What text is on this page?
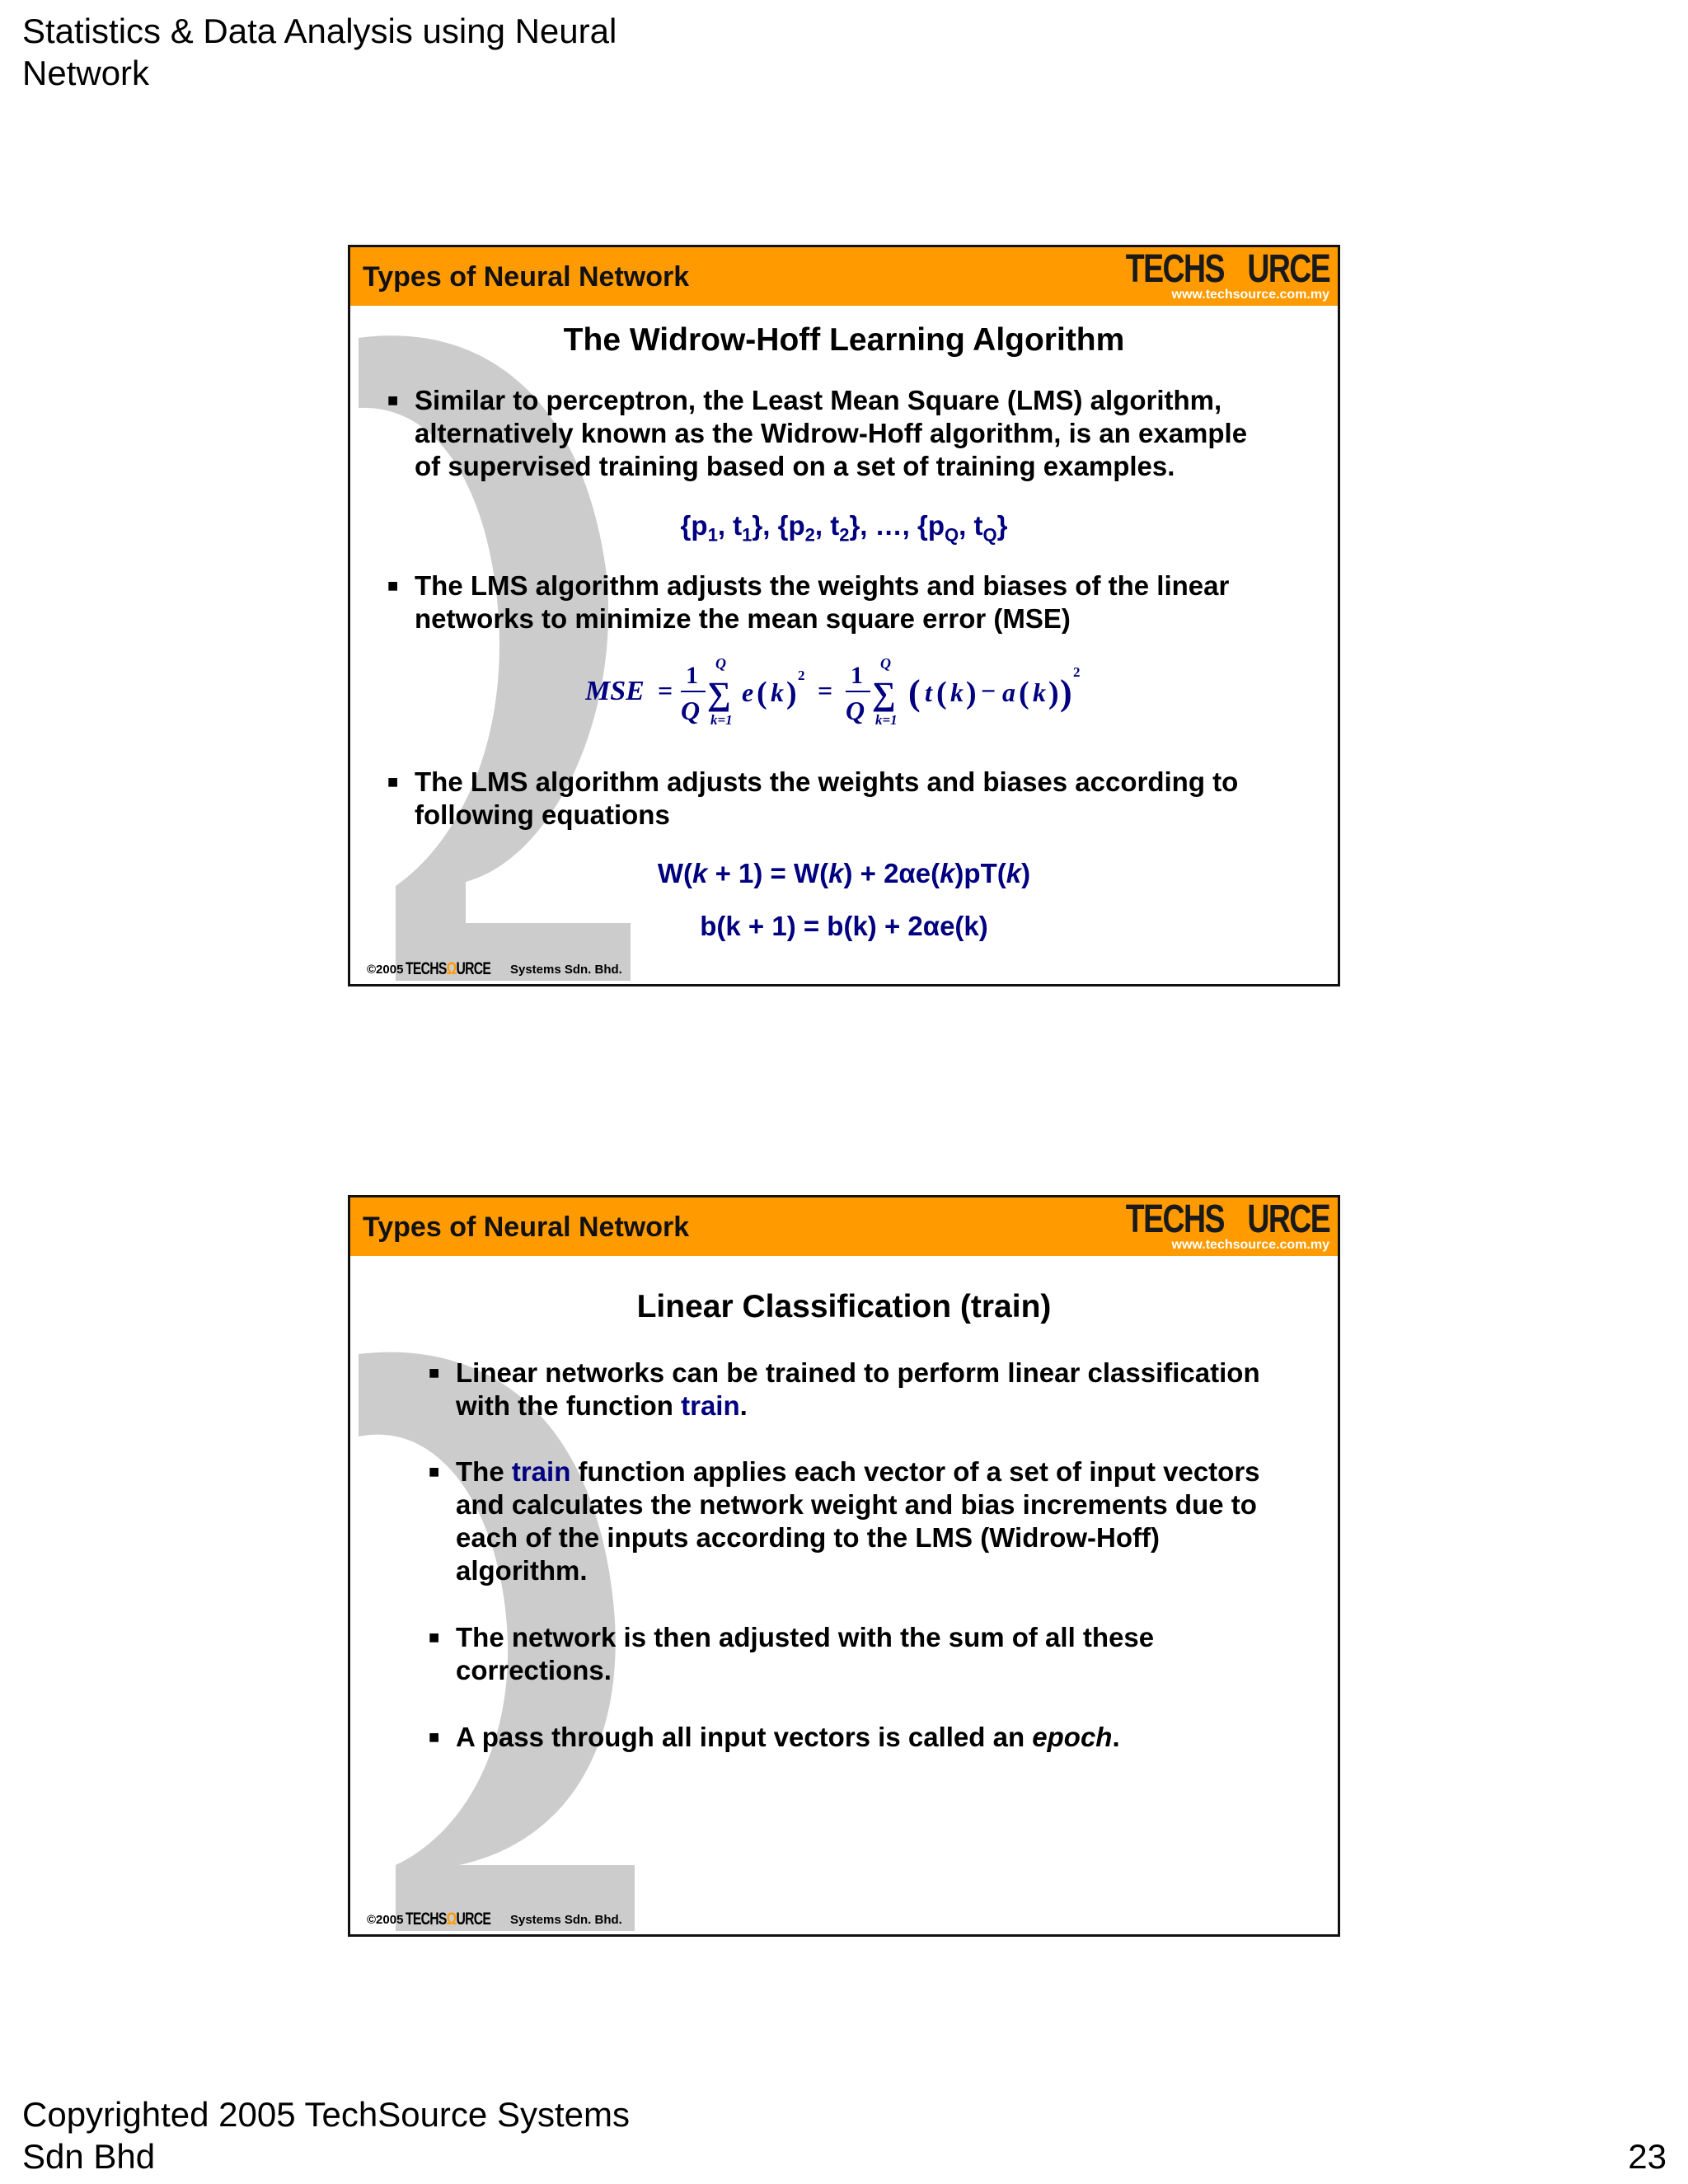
Statistics & Data Analysis using Neural Network
Types of Neural Network	TECHSΩURCE
www.techsource.com.my
The Widrow-Hoff Learning Algorithm
■ Similar to perceptron, the Least Mean Square (LMS) algorithm, alternatively known as the Widrow-Hoff algorithm, is an example of supervised training based on a set of training examples.
{$p_1$, $t_1$}, {$p_2$, $t_2$}, …, {$p_Q$, $t_Q$}
■ The LMS algorithm adjusts the weights and biases of the linear networks to minimize the mean square error (MSE)
MSE =
1
Q
Q
∑
k=1
e ( k )
2
=
1
Q
Q
∑
k=1
( t ( k ) − a ( k ) )
2
■ The LMS algorithm adjusts the weights and biases according to following equations
W(k + 1) = W(k) + 2αe(k)pT(k)
b(k + 1) = b(k) + 2αe(k)
©2005 TECHSΩURCE Systems Sdn. Bhd.
Types of Neural Network	TECHSΩURCE
www.techsource.com.my
Linear Classification (train)
■ Linear networks can be trained to perform linear classification with the function train.
■ The train function applies each vector of a set of input vectors and calculates the network weight and bias increments due to each of the inputs according to the LMS (Widrow-Hoff) algorithm.
■ The network is then adjusted with the sum of all these corrections.
■ A pass through all input vectors is called an epoch.
©2005 TECHSΩURCE Systems Sdn. Bhd.
Copyrighted 2005 TechSource Systems Sdn Bhd	23
